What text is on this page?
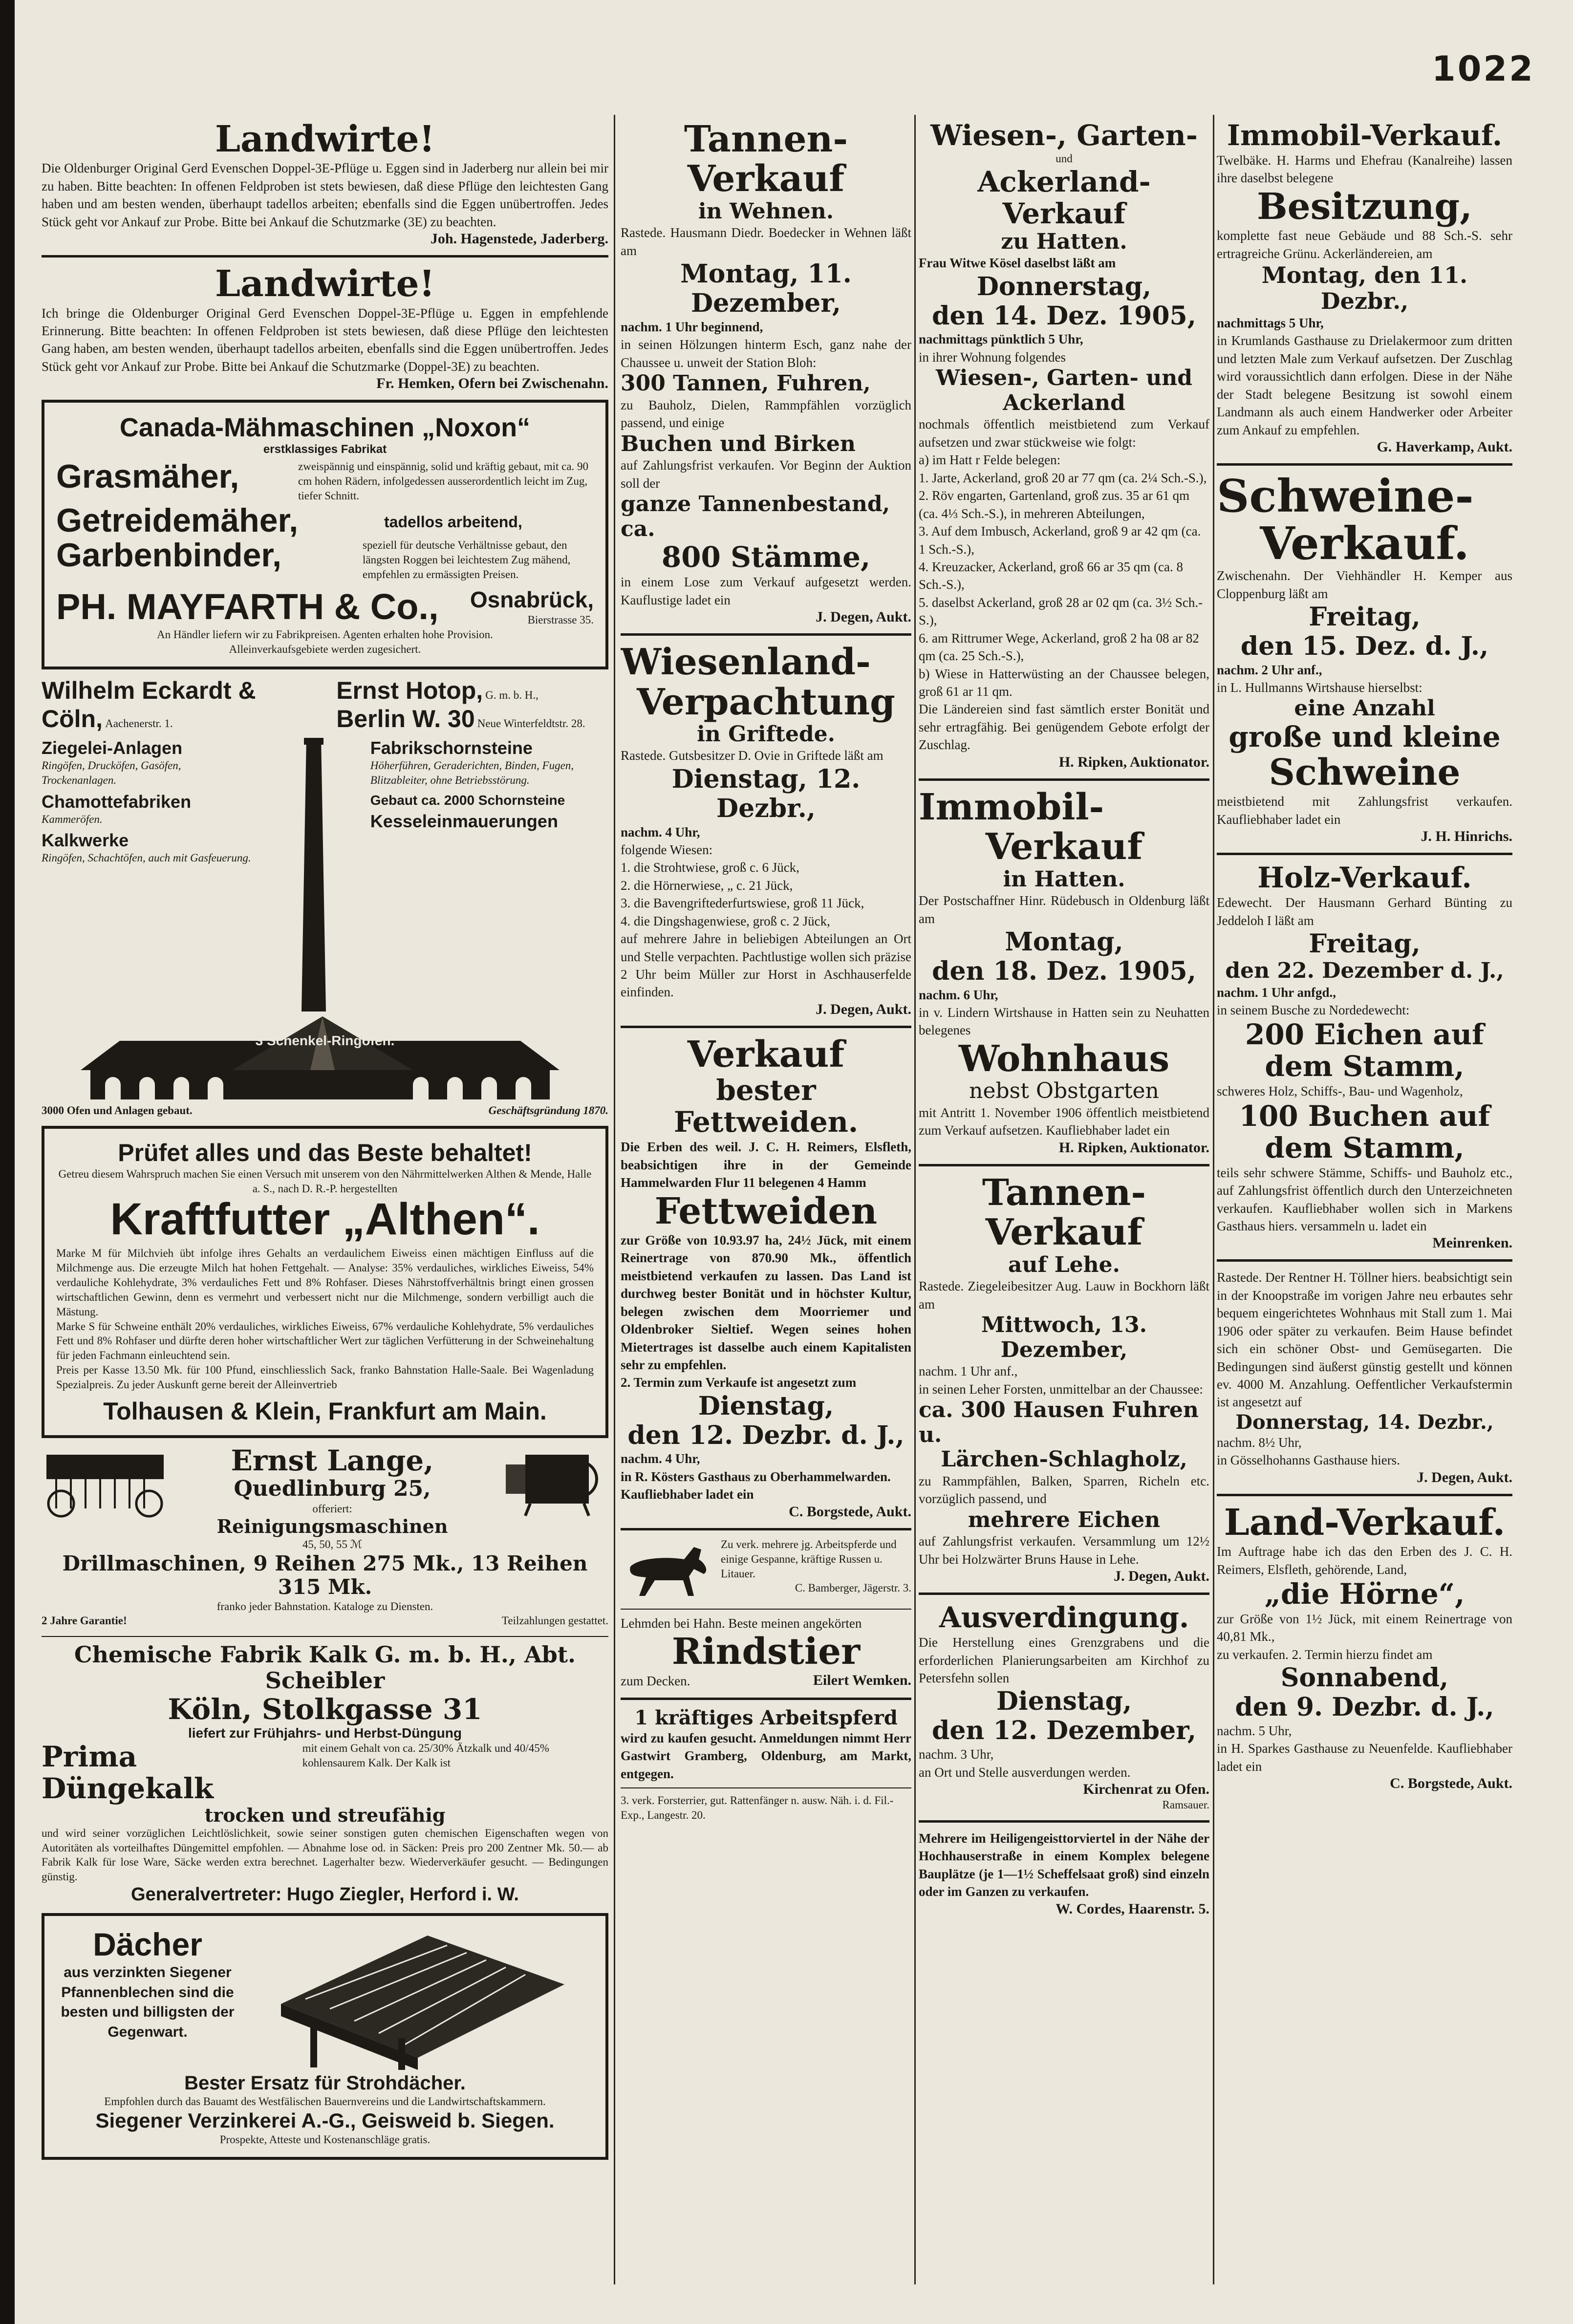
1022
Landwirte!
Die Oldenburger Original Gerd Evenschen Doppel-3E-Pflüge u. Eggen sind in Jaderberg nur allein bei mir zu haben. Bitte beachten: In offenen Feldproben ist stets bewiesen, daß diese Pflüge den leichtesten Gang haben und am besten wenden, überhaupt tadellos arbeiten; ebenfalls sind die Eggen unübertroffen. Jedes Stück geht vor Ankauf zur Probe. Bitte bei Ankauf die Schutzmarke (3E) zu beachten.
Joh. Hagenstede, Jaderberg.
Landwirte!
Ich bringe die Oldenburger Original Gerd Evenschen Doppel-3E-Pflüge u. Eggen in empfehlende Erinnerung. Bitte beachten: In offenen Feldproben ist stets bewiesen, daß diese Pflüge den leichtesten Gang haben, am besten wenden, überhaupt tadellos arbeiten, ebenfalls sind die Eggen unübertroffen. Jedes Stück geht vor Ankauf zur Probe. Bitte bei Ankauf die Schutzmarke (Doppel-3E) zu beachten.
Fr. Hemken, Ofern bei Zwischenahn.
Canada-Mähmaschinen „Noxon“
erstklassiges Fabrikat
Grasmäher,	zweispännig und einspännig, solid und kräftig gebaut, mit ca. 90 cm hohen Rädern, infolgedessen ausserordentlich leicht im Zug, tiefer Schnitt.
Getreidemäher,	tadellos arbeitend,
Garbenbinder,	speziell für deutsche Verhältnisse gebaut, den längsten Roggen bei leichtestem Zug mähend, empfehlen zu ermässigten Preisen.
PH. MAYFARTH & Co., Osnabrück,
Bierstrasse 35.
An Händler liefern wir zu Fabrikpreisen. Agenten erhalten hohe Provision.
Alleinverkaufsgebiete werden zugesichert.
Wilhelm Eckardt &
Cöln, Aachenerstr. 1.
Ernst Hotop, G. m. b. H.,
Berlin W. 30 Neue Winterfeldtstr. 28.
Ziegelei-Anlagen
Ringöfen, Drucköfen, Gasöfen, Trockenanlagen.
Chamottefabriken
Kammeröfen.
Kalkwerke
Ringöfen, Schachtöfen, auch mit Gasfeuerung.
Fabrikschornsteine
Höherführen, Geraderichten, Binden, Fugen, Blitzableiter, ohne Betriebsstörung.
Gebaut ca. 2000 Schornsteine
Kesseleinmauerungen
3 Schenkel-Ringofen.
3000 Ofen und Anlagen gebaut.	Geschäftsgründung 1870.
Prüfet alles und das Beste behaltet!
Getreu diesem Wahrspruch machen Sie einen Versuch mit unserem von den Nährmittelwerken Althen & Mende, Halle a. S., nach D. R.-P. hergestellten
Kraftfutter „Althen“.
Marke M für Milchvieh übt infolge ihres Gehalts an verdaulichem Eiweiss einen mächtigen Einfluss auf die Milchmenge aus. Die erzeugte Milch hat hohen Fettgehalt. — Analyse: 35% verdauliches, wirkliches Eiweiss, 54% verdauliche Kohlehydrate, 3% verdauliches Fett und 8% Rohfaser. Dieses Nährstoffverhältnis bringt einen grossen wirtschaftlichen Gewinn, denn es vermehrt und verbessert nicht nur die Milchmenge, sondern verbilligt auch die Mästung.
Marke S für Schweine enthält 20% verdauliches, wirkliches Eiweiss, 67% verdauliche Kohlehydrate, 5% verdauliches Fett und 8% Rohfaser und dürfte deren hoher wirtschaftlicher Wert zur täglichen Verfütterung in der Schweinehaltung für jeden Fachmann einleuchtend sein.
Preis per Kasse 13.50 Mk. für 100 Pfund, einschliesslich Sack, franko Bahnstation Halle-Saale. Bei Wagenladung Spezialpreis. Zu jeder Auskunft gerne bereit der Alleinvertrieb
Tolhausen & Klein, Frankfurt am Main.
Ernst Lange,
Quedlinburg 25,
offeriert:
Reinigungsmaschinen
45, 50, 55 ℳ
Drillmaschinen, 9 Reihen 275 Mk., 13 Reihen 315 Mk.
franko jeder Bahnstation. Kataloge zu Diensten.
2 Jahre Garantie!	Teilzahlungen gestattet.
Chemische Fabrik Kalk G. m. b. H., Abt. Scheibler
Köln, Stolkgasse 31
liefert zur Frühjahrs- und Herbst-Düngung
Prima Düngekalk
mit einem Gehalt von ca. 25/30% Ätzkalk und 40/45% kohlensaurem Kalk. Der Kalk ist
trocken und streufähig
und wird seiner vorzüglichen Leichtlöslichkeit, sowie seiner sonstigen guten chemischen Eigenschaften wegen von Autoritäten als vorteilhaftes Düngemittel empfohlen. — Abnahme lose od. in Säcken: Preis pro 200 Zentner Mk. 50.— ab Fabrik Kalk für lose Ware, Säcke werden extra berechnet. Lagerhalter bezw. Wiederverkäufer gesucht. — Bedingungen günstig.
Generalvertreter: Hugo Ziegler, Herford i. W.
Dächer
aus verzinkten Siegener Pfannenblechen sind die besten und billigsten der Gegenwart.
Bester Ersatz für Strohdächer.
Empfohlen durch das Bauamt des Westfälischen Bauernvereins und die Landwirtschaftskammern.
Siegener Verzinkerei A.-G., Geisweid b. Siegen.
Prospekte, Atteste und Kostenanschläge gratis.
Tannen-Verkauf
in Wehnen.
Rastede. Hausmann Diedr. Boedecker in Wehnen läßt am
Montag, 11. Dezember,
nachm. 1 Uhr beginnend,
in seinen Hölzungen hinterm Esch, ganz nahe der Chaussee u. unweit der Station Bloh:
300 Tannen, Fuhren,
zu Bauholz, Dielen, Rammpfählen vorzüglich passend, und einige
Buchen und Birken
auf Zahlungsfrist verkaufen. Vor Beginn der Auktion soll der
ganze Tannenbestand, ca.
800 Stämme,
in einem Lose zum Verkauf aufgesetzt werden. Kauflustige ladet ein
J. Degen, Aukt.
Wiesenland-
Verpachtung
in Griftede.
Rastede. Gutsbesitzer D. Ovie in Griftede läßt am
Dienstag, 12. Dezbr.,
nachm. 4 Uhr,
folgende Wiesen:
1. die Strohtwiese, groß c. 6 Jück,
2. die Hörnerwiese, „ c. 21 Jück,
3. die Bavengriftederfurtswiese, groß 11 Jück,
4. die Dingshagenwiese, groß c. 2 Jück,
auf mehrere Jahre in beliebigen Abteilungen an Ort und Stelle verpachten. Pachtlustige wollen sich präzise 2 Uhr beim Müller zur Horst in Aschhauserfelde einfinden.
J. Degen, Aukt.
Verkauf
bester Fettweiden.
Die Erben des weil. J. C. H. Reimers, Elsfleth, beabsichtigen ihre in der Gemeinde Hammelwarden Flur 11 belegenen 4 Hamm
Fettweiden
zur Größe von 10.93.97 ha, 24½ Jück, mit einem Reinertrage von 870.90 Mk., öffentlich meistbietend verkaufen zu lassen. Das Land ist durchweg bester Bonität und in höchster Kultur, belegen zwischen dem Moorriemer und Oldenbroker Sieltief. Wegen seines hohen Mietertrages ist dasselbe auch einem Kapitalisten sehr zu empfehlen.
2. Termin zum Verkaufe ist angesetzt zum
Dienstag,
den 12. Dezbr. d. J.,
nachm. 4 Uhr,
in R. Kösters Gasthaus zu Oberhammelwarden.
Kaufliebhaber ladet ein
C. Borgstede, Aukt.
Zu verk. mehrere jg. Arbeitspferde und einige Gespanne, kräftige Russen u. Litauer.
C. Bamberger, Jägerstr. 3.
Lehmden bei Hahn. Beste meinen angekörten
Rindstier
zum Decken.	Eilert Wemken.
1 kräftiges Arbeitspferd
wird zu kaufen gesucht. Anmeldungen nimmt Herr Gastwirt Gramberg, Oldenburg, am Markt, entgegen.
3. verk. Forsterrier, gut. Rattenfänger n. ausw. Näh. i. d. Fil.-Exp., Langestr. 20.
Wiesen-, Garten-
und
Ackerland-Verkauf
zu Hatten.
Frau Witwe Kösel daselbst läßt am
Donnerstag,
den 14. Dez. 1905,
nachmittags pünktlich 5 Uhr,
in ihrer Wohnung folgendes
Wiesen-, Garten- und
Ackerland
nochmals öffentlich meistbietend zum Verkauf aufsetzen und zwar stückweise wie folgt:
a) im Hatt r Felde belegen:
1. Jarte, Ackerland, groß 20 ar 77 qm (ca. 2¼ Sch.-S.),
2. Röv engarten, Gartenland, groß zus. 35 ar 61 qm (ca. 4⅓ Sch.-S.), in mehreren Abteilungen,
3. Auf dem Imbusch, Ackerland, groß 9 ar 42 qm (ca. 1 Sch.-S.),
4. Kreuzacker, Ackerland, groß 66 ar 35 qm (ca. 8 Sch.-S.),
5. daselbst Ackerland, groß 28 ar 02 qm (ca. 3½ Sch.-S.),
6. am Rittrumer Wege, Ackerland, groß 2 ha 08 ar 82 qm (ca. 25 Sch.-S.),
b) Wiese in Hatterwüsting an der Chaussee belegen, groß 61 ar 11 qm.
Die Ländereien sind fast sämtlich erster Bonität und sehr ertragfähig. Bei genügendem Gebote erfolgt der Zuschlag.
H. Ripken, Auktionator.
Immobil-
Verkauf
in Hatten.
Der Postschaffner Hinr. Rüdebusch in Oldenburg läßt am
Montag,
den 18. Dez. 1905,
nachm. 6 Uhr,
in v. Lindern Wirtshause in Hatten sein zu Neuhatten belegenes
Wohnhaus
nebst Obstgarten
mit Antritt 1. November 1906 öffentlich meistbietend zum Verkauf aufsetzen. Kaufliebhaber ladet ein
H. Ripken, Auktionator.
Tannen-Verkauf
auf Lehe.
Rastede. Ziegeleibesitzer Aug. Lauw in Bockhorn läßt am
Mittwoch, 13. Dezember,
nachm. 1 Uhr anf.,
in seinen Leher Forsten, unmittelbar an der Chaussee:
ca. 300 Hausen Fuhren u.
Lärchen-Schlagholz,
zu Rammpfählen, Balken, Sparren, Richeln etc. vorzüglich passend, und
mehrere Eichen
auf Zahlungsfrist verkaufen. Versammlung um 12½ Uhr bei Holzwärter Bruns Hause in Lehe.
J. Degen, Aukt.
Ausverdingung.
Die Herstellung eines Grenzgrabens und die erforderlichen Planierungsarbeiten am Kirchhof zu Petersfehn sollen
Dienstag,
den 12. Dezember,
nachm. 3 Uhr,
an Ort und Stelle ausverdungen werden.
Kirchenrat zu Ofen.
Ramsauer.
Mehrere im Heiligengeisttorviertel in der Nähe der Hochhauserstraße in einem Komplex belegene Bauplätze (je 1—1½ Scheffelsaat groß) sind einzeln oder im Ganzen zu verkaufen.
W. Cordes, Haarenstr. 5.
Immobil-Verkauf.
Twelbäke. H. Harms und Ehefrau (Kanalreihe) lassen ihre daselbst belegene
Besitzung,
komplette fast neue Gebäude und 88 Sch.-S. sehr ertragreiche Grünu. Ackerländereien, am
Montag, den 11. Dezbr.,
nachmittags 5 Uhr,
in Krumlands Gasthause zu Drielakermoor zum dritten und letzten Male zum Verkauf aufsetzen. Der Zuschlag wird voraussichtlich dann erfolgen. Diese in der Nähe der Stadt belegene Besitzung ist sowohl einem Landmann als auch einem Handwerker oder Arbeiter zum Ankauf zu empfehlen.
G. Haverkamp, Aukt.
Schweine-
Verkauf.
Zwischenahn. Der Viehhändler H. Kemper aus Cloppenburg läßt am
Freitag,
den 15. Dez. d. J.,
nachm. 2 Uhr anf.,
in L. Hullmanns Wirtshause hierselbst:
eine Anzahl
große und kleine
Schweine
meistbietend mit Zahlungsfrist verkaufen. Kaufliebhaber ladet ein
J. H. Hinrichs.
Holz-Verkauf.
Edewecht. Der Hausmann Gerhard Bünting zu Jeddeloh I läßt am
Freitag,
den 22. Dezember d. J.,
nachm. 1 Uhr anfgd.,
in seinem Busche zu Nordedewecht:
200 Eichen auf
dem Stamm,
schweres Holz, Schiffs-, Bau- und Wagenholz,
100 Buchen auf
dem Stamm,
teils sehr schwere Stämme, Schiffs- und Bauholz etc., auf Zahlungsfrist öffentlich durch den Unterzeichneten verkaufen. Kaufliebhaber wollen sich in Markens Gasthaus hiers. versammeln u. ladet ein
Meinrenken.
Rastede. Der Rentner H. Töllner hiers. beabsichtigt sein in der Knoopstraße im vorigen Jahre neu erbautes sehr bequem eingerichtetes Wohnhaus mit Stall zum 1. Mai 1906 oder später zu verkaufen. Beim Hause befindet sich ein schöner Obst- und Gemüsegarten. Die Bedingungen sind äußerst günstig gestellt und können ev. 4000 M. Anzahlung. Oeffentlicher Verkaufstermin ist angesetzt auf
Donnerstag, 14. Dezbr.,
nachm. 8½ Uhr,
in Gösselhohanns Gasthause hiers.
J. Degen, Aukt.
Land-Verkauf.
Im Auftrage habe ich das den Erben des J. C. H. Reimers, Elsfleth, gehörende, Land,
„die Hörne“,
zur Größe von 1½ Jück, mit einem Reinertrage von 40,81 Mk.,
zu verkaufen. 2. Termin hierzu findet am
Sonnabend,
den 9. Dezbr. d. J.,
nachm. 5 Uhr,
in H. Sparkes Gasthause zu Neuenfelde. Kaufliebhaber ladet ein
C. Borgstede, Aukt.
